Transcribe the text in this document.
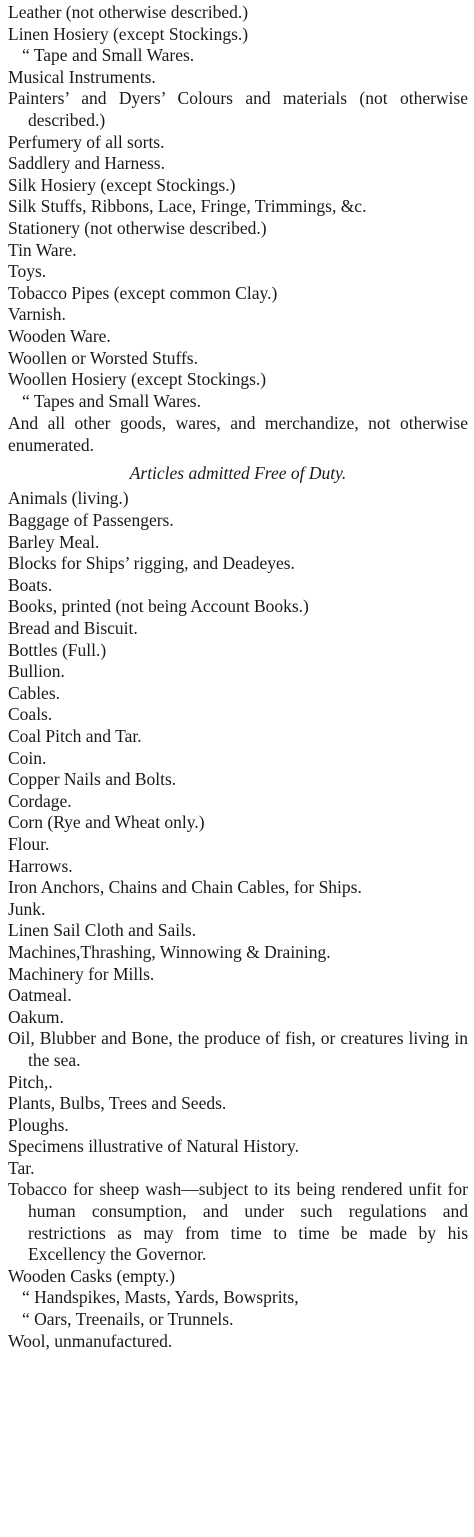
Leather (not otherwise described.)
Linen Hosiery (except Stockings.)
“ Tape and Small Wares.
Musical Instruments.
Painters’ and Dyers’ Colours and materials (not otherwise described.)
Perfumery of all sorts.
Saddlery and Harness.
Silk Hosiery (except Stockings.)
Silk Stuffs, Ribbons, Lace, Fringe, Trimmings, &c.
Stationery (not otherwise described.)
Tin Ware.
Toys.
Tobacco Pipes (except common Clay.)
Varnish.
Wooden Ware.
Woollen or Worsted Stuffs.
Woollen Hosiery (except Stockings.)
“ Tapes and Small Wares.
And all other goods, wares, and merchandize, not otherwise enumerated.
Articles admitted Free of Duty.
Animals (living.)
Baggage of Passengers.
Barley Meal.
Blocks for Ships’ rigging, and Deadeyes.
Boats.
Books, printed (not being Account Books.)
Bread and Biscuit.
Bottles (Full.)
Bullion.
Cables.
Coals.
Coal Pitch and Tar.
Coin.
Copper Nails and Bolts.
Cordage.
Corn (Rye and Wheat only.)
Flour.
Harrows.
Iron Anchors, Chains and Chain Cables, for Ships.
Junk.
Linen Sail Cloth and Sails.
Machines,Thrashing, Winnowing & Draining.
Machinery for Mills.
Oatmeal.
Oakum.
Oil, Blubber and Bone, the produce of fish, or creatures living in the sea.
Pitch,.
Plants, Bulbs, Trees and Seeds.
Ploughs.
Specimens illustrative of Natural History.
Tar.
Tobacco for sheep wash—subject to its being rendered unfit for human consumption, and under such regulations and restrictions as may from time to time be made by his Excellency the Governor.
Wooden Casks (empty.)
“ Handspikes, Masts, Yards, Bowsprits,
“ Oars, Treenails, or Trunnels.
Wool, unmanufactured.
